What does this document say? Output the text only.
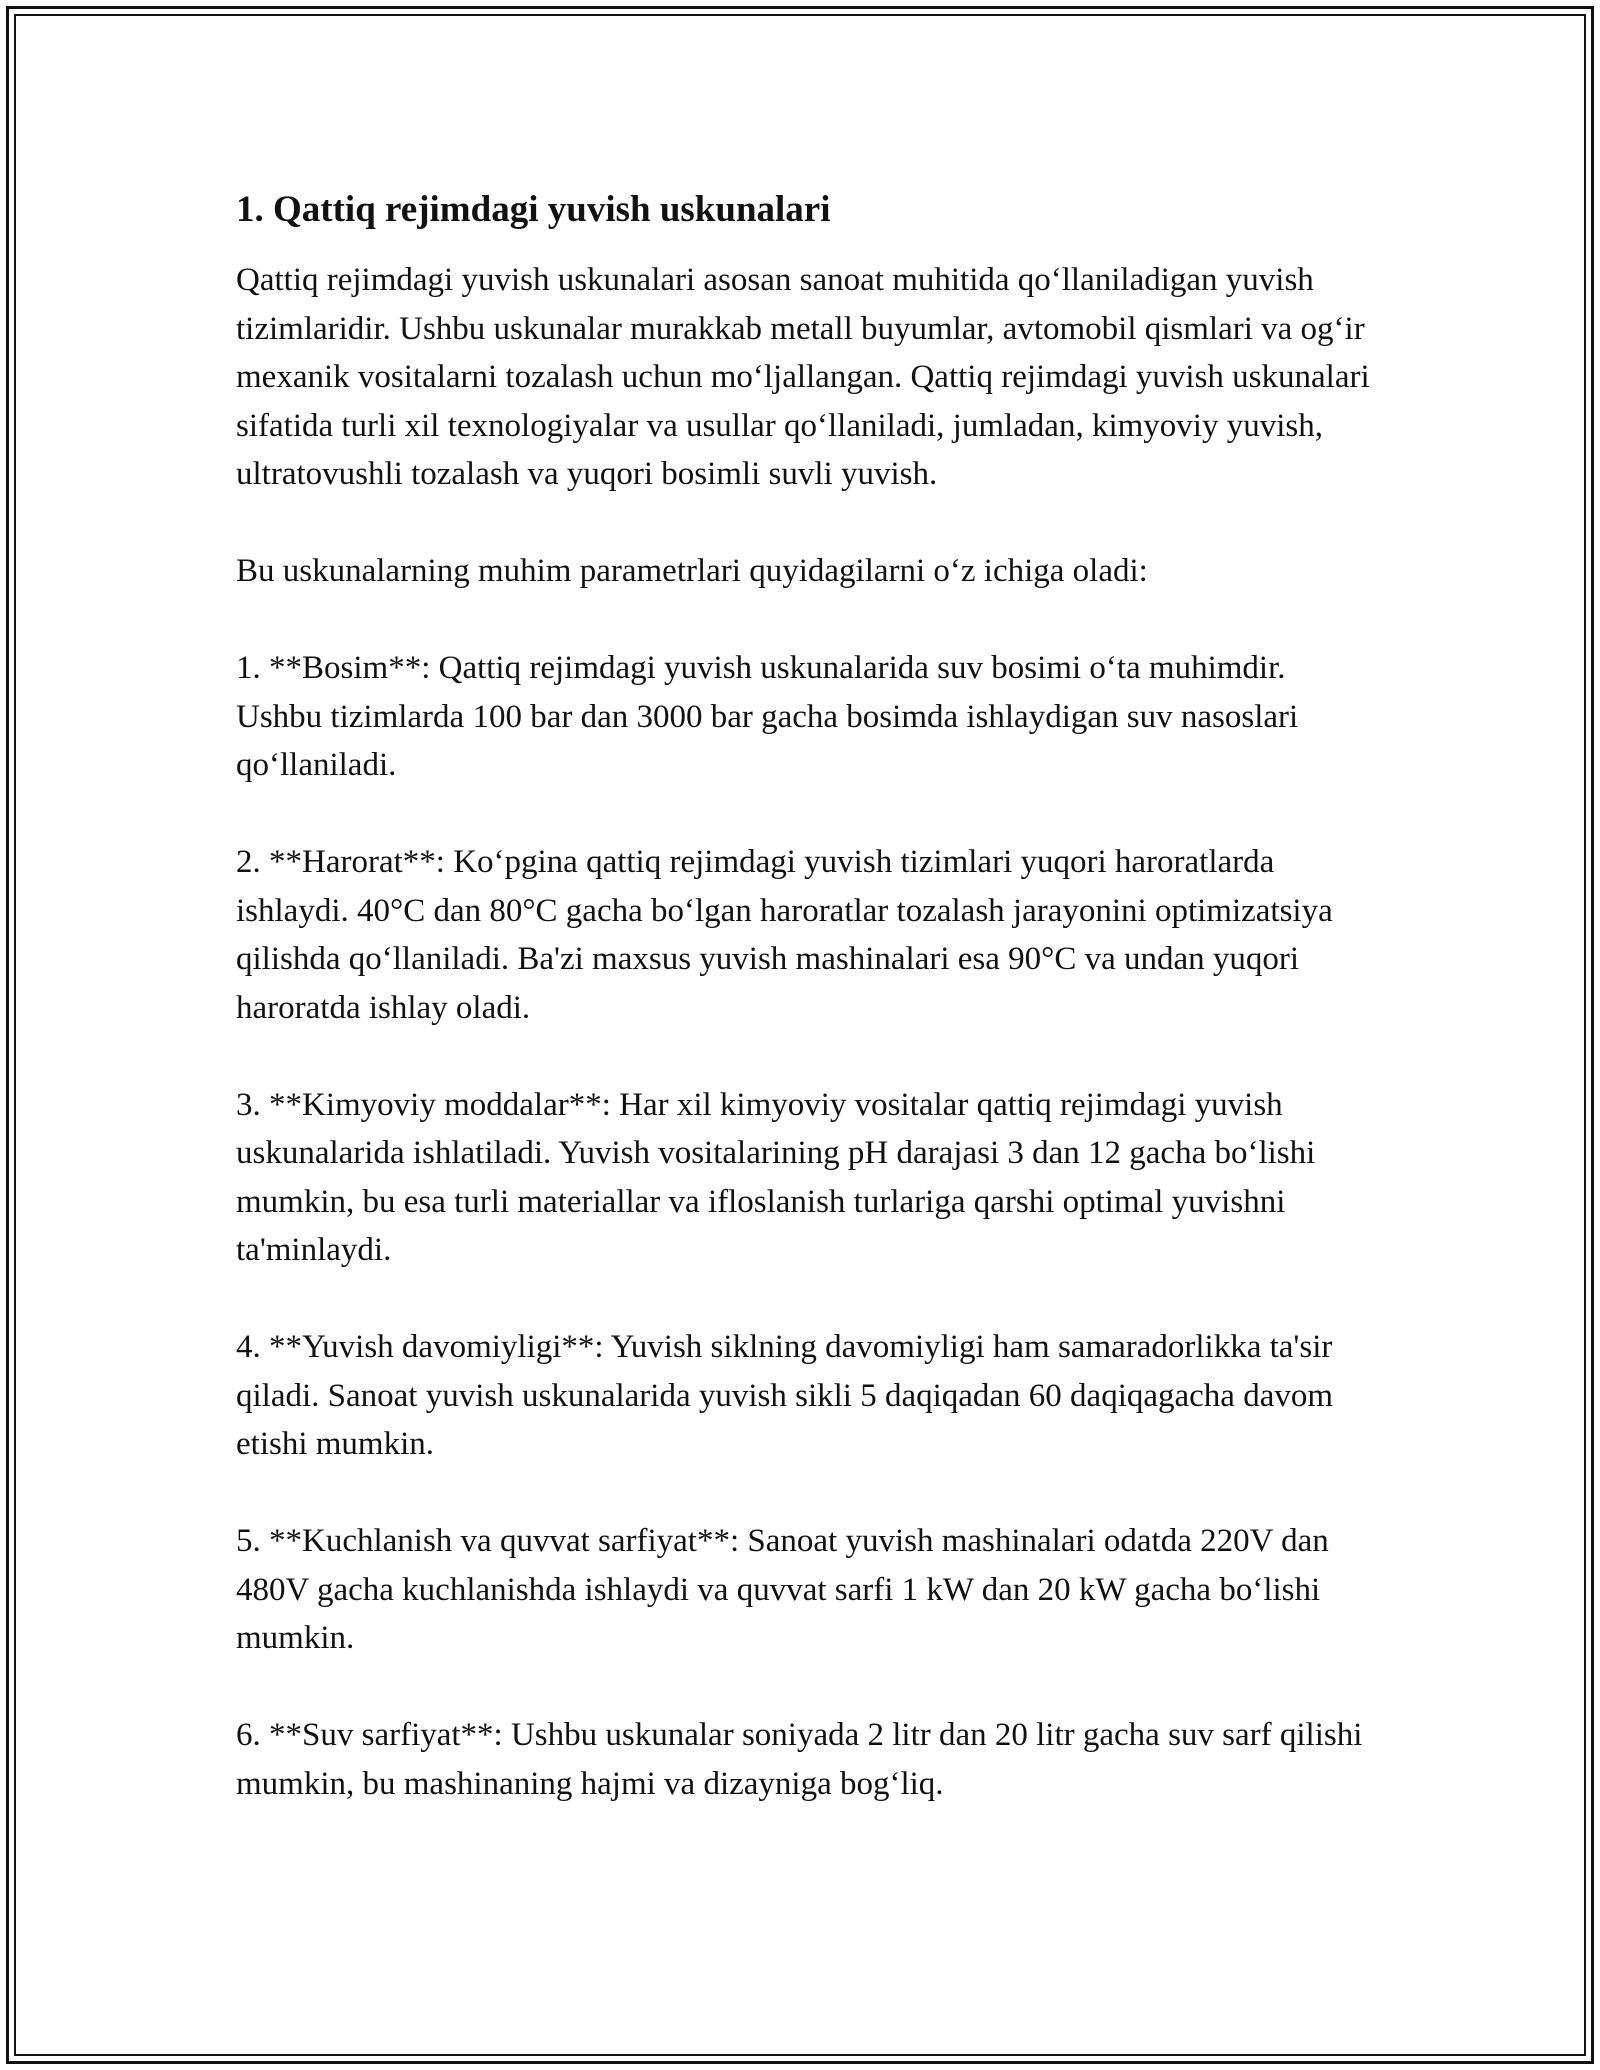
1. Qattiq rejimdagi yuvish uskunalari

Qattiq rejimdagi yuvish uskunalari asosan sanoat muhitida qo‘llaniladigan yuvish tizimlaridir. Ushbu uskunalar murakkab metall buyumlar, avtomobil qismlari va og‘ir mexanik vositalarni tozalash uchun mo‘ljallangan. Qattiq rejimdagi yuvish uskunalari sifatida turli xil texnologiyalar va usullar qo‘llaniladi, jumladan, kimyoviy yuvish, ultratovushli tozalash va yuqori bosimli suvli yuvish.

Bu uskunalarning muhim parametrlari quyidagilarni o‘z ichiga oladi:

1. **Bosim**: Qattiq rejimdagi yuvish uskunalarida suv bosimi o‘ta muhimdir. Ushbu tizimlarda 100 bar dan 3000 bar gacha bosimda ishlaydigan suv nasoslari qo‘llaniladi.

2. **Harorat**: Ko‘pgina qattiq rejimdagi yuvish tizimlari yuqori haroratlarda ishlaydi. 40°C dan 80°C gacha bo‘lgan haroratlar tozalash jarayonini optimizatsiya qilishda qo‘llaniladi. Ba'zi maxsus yuvish mashinalari esa 90°C va undan yuqori haroratda ishlay oladi.

3. **Kimyoviy moddalar**: Har xil kimyoviy vositalar qattiq rejimdagi yuvish uskunalarida ishlatiladi. Yuvish vositalarining pH darajasi 3 dan 12 gacha bo‘lishi mumkin, bu esa turli materiallar va ifloslanish turlariga qarshi optimal yuvishni ta'minlaydi.

4. **Yuvish davomiyligi**: Yuvish siklning davomiyligi ham samaradorlikka ta'sir qiladi. Sanoat yuvish uskunalarida yuvish sikli 5 daqiqadan 60 daqiqagacha davom etishi mumkin.

5. **Kuchlanish va quvvat sarfiyat**: Sanoat yuvish mashinalari odatda 220V dan 480V gacha kuchlanishda ishlaydi va quvvat sarfi 1 kW dan 20 kW gacha bo‘lishi mumkin.

6. **Suv sarfiyat**: Ushbu uskunalar soniyada 2 litr dan 20 litr gacha suv sarf qilishi mumkin, bu mashinaning hajmi va dizayniga bog‘liq.
